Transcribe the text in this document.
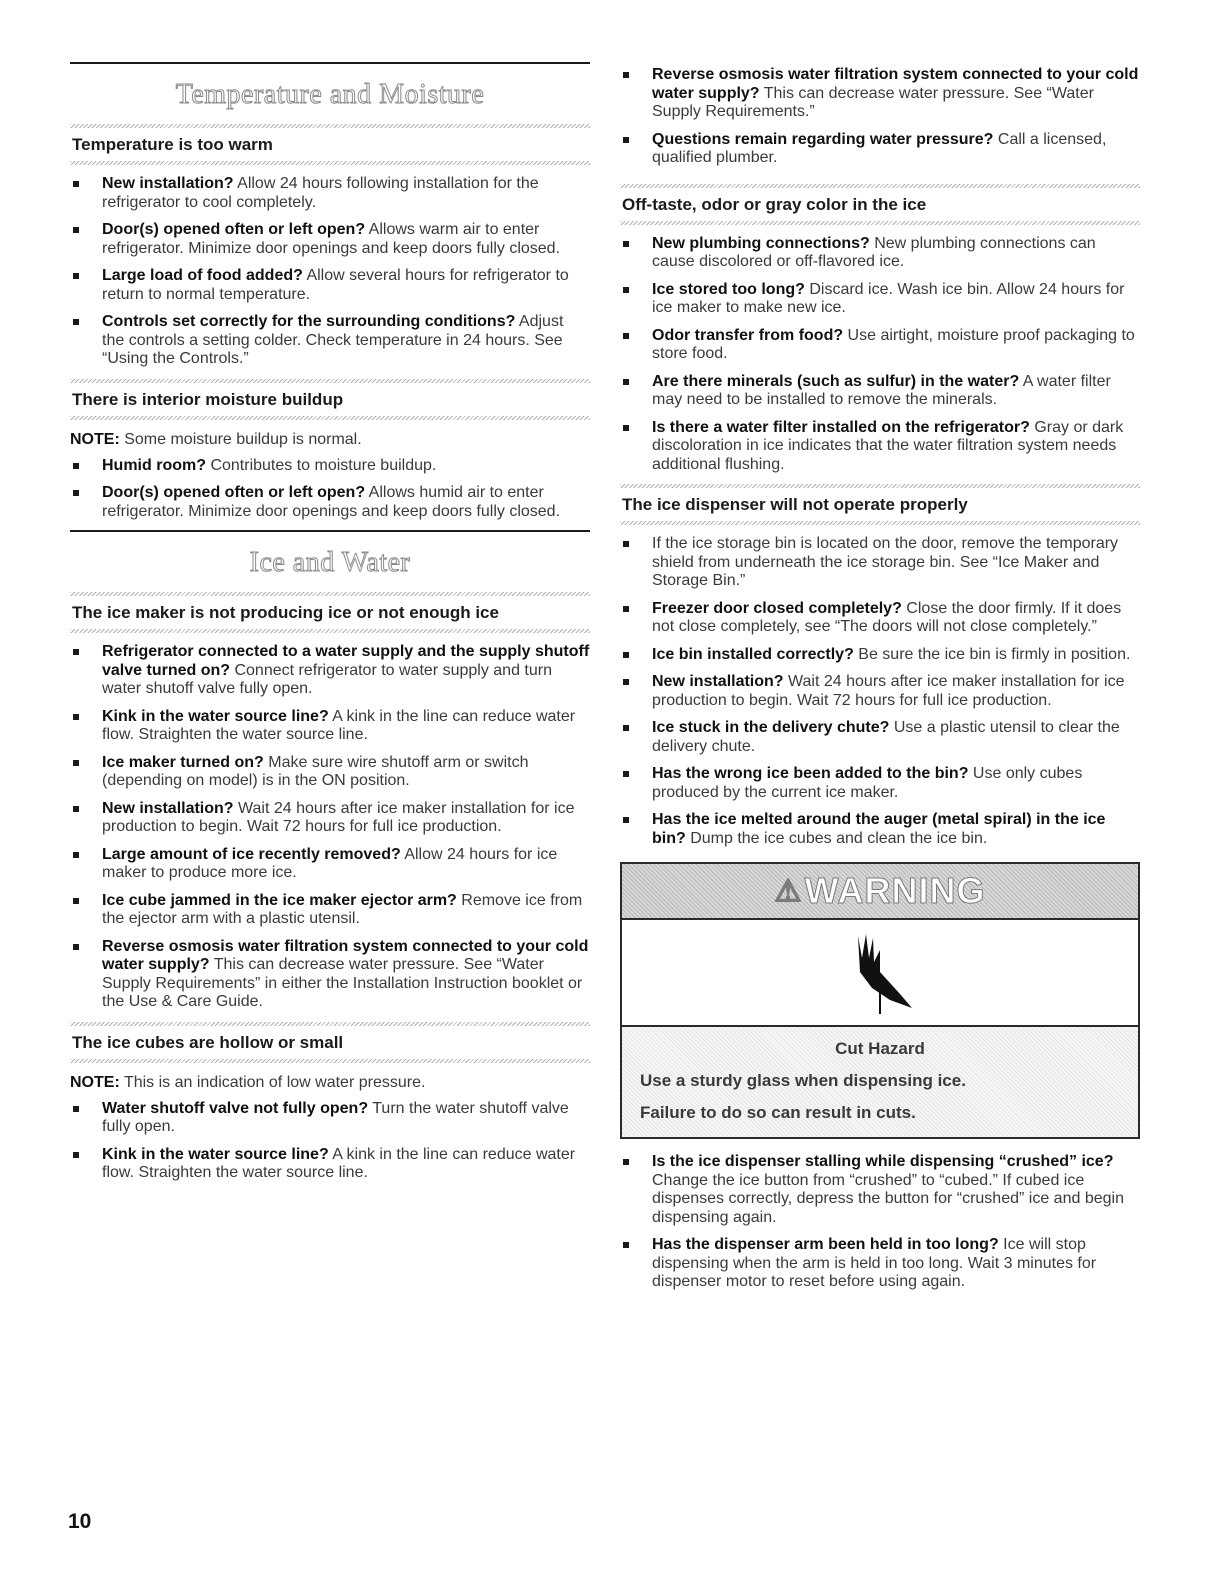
Temperature and Moisture
Temperature is too warm
New installation? Allow 24 hours following installation for the refrigerator to cool completely.
Door(s) opened often or left open? Allows warm air to enter refrigerator. Minimize door openings and keep doors fully closed.
Large load of food added? Allow several hours for refrigerator to return to normal temperature.
Controls set correctly for the surrounding conditions? Adjust the controls a setting colder. Check temperature in 24 hours. See “Using the Controls.”
There is interior moisture buildup
NOTE: Some moisture buildup is normal.
Humid room? Contributes to moisture buildup.
Door(s) opened often or left open? Allows humid air to enter refrigerator. Minimize door openings and keep doors fully closed.
Ice and Water
The ice maker is not producing ice or not enough ice
Refrigerator connected to a water supply and the supply shutoff valve turned on? Connect refrigerator to water supply and turn water shutoff valve fully open.
Kink in the water source line? A kink in the line can reduce water flow. Straighten the water source line.
Ice maker turned on? Make sure wire shutoff arm or switch (depending on model) is in the ON position.
New installation? Wait 24 hours after ice maker installation for ice production to begin. Wait 72 hours for full ice production.
Large amount of ice recently removed? Allow 24 hours for ice maker to produce more ice.
Ice cube jammed in the ice maker ejector arm? Remove ice from the ejector arm with a plastic utensil.
Reverse osmosis water filtration system connected to your cold water supply? This can decrease water pressure. See “Water Supply Requirements” in either the Installation Instruction booklet or the Use & Care Guide.
The ice cubes are hollow or small
NOTE: This is an indication of low water pressure.
Water shutoff valve not fully open? Turn the water shutoff valve fully open.
Kink in the water source line? A kink in the line can reduce water flow. Straighten the water source line.
Reverse osmosis water filtration system connected to your cold water supply? This can decrease water pressure. See “Water Supply Requirements.”
Questions remain regarding water pressure? Call a licensed, qualified plumber.
Off-taste, odor or gray color in the ice
New plumbing connections? New plumbing connections can cause discolored or off-flavored ice.
Ice stored too long? Discard ice. Wash ice bin. Allow 24 hours for ice maker to make new ice.
Odor transfer from food? Use airtight, moisture proof packaging to store food.
Are there minerals (such as sulfur) in the water? A water filter may need to be installed to remove the minerals.
Is there a water filter installed on the refrigerator? Gray or dark discoloration in ice indicates that the water filtration system needs additional flushing.
The ice dispenser will not operate properly
If the ice storage bin is located on the door, remove the temporary shield from underneath the ice storage bin. See “Ice Maker and Storage Bin.”
Freezer door closed completely? Close the door firmly. If it does not close completely, see “The doors will not close completely.”
Ice bin installed correctly? Be sure the ice bin is firmly in position.
New installation? Wait 24 hours after ice maker installation for ice production to begin. Wait 72 hours for full ice production.
Ice stuck in the delivery chute? Use a plastic utensil to clear the delivery chute.
Has the wrong ice been added to the bin? Use only cubes produced by the current ice maker.
Has the ice melted around the auger (metal spiral) in the ice bin? Dump the ice cubes and clean the ice bin.
⚠ WARNING
Cut Hazard
Use a sturdy glass when dispensing ice.
Failure to do so can result in cuts.
Is the ice dispenser stalling while dispensing “crushed” ice? Change the ice button from “crushed” to “cubed.” If cubed ice dispenses correctly, depress the button for “crushed” ice and begin dispensing again.
Has the dispenser arm been held in too long? Ice will stop dispensing when the arm is held in too long. Wait 3 minutes for dispenser motor to reset before using again.
10
